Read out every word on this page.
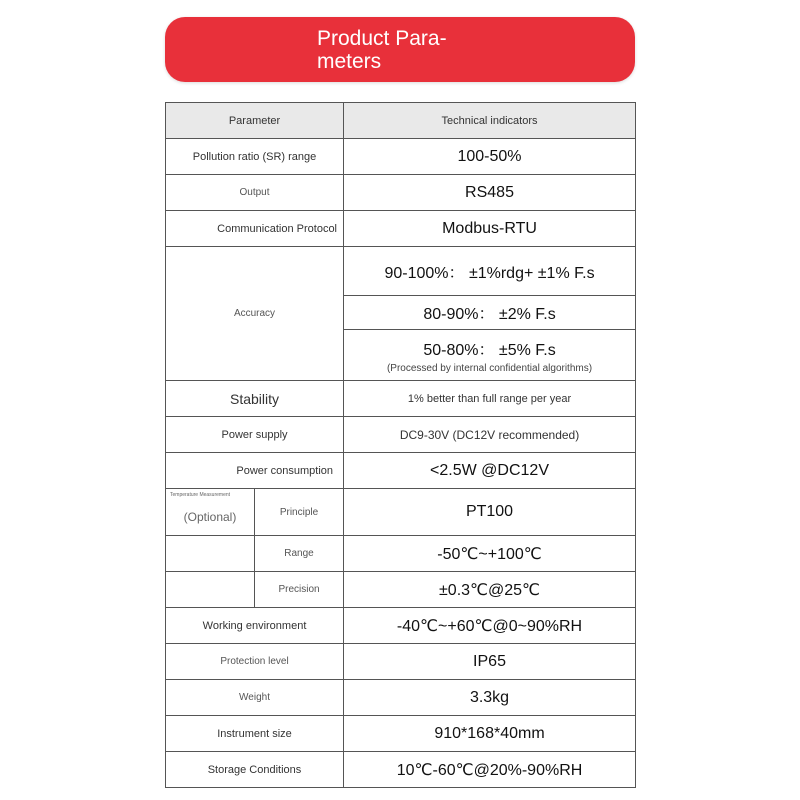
Product Para-
meters
Parameter		Technical indicators
Pollution ratio (SR) range		100-50%
Output		RS485
Communication Protocol		Modbus-RTU
Accuracy		90-100%： ±1%rdg+ ±1% F.s
		80-90%： ±2% F.s
		50-80%： ±5% F.s
(Processed by internal confidential algorithms)

Stability		1% better than full range per year
Power supply		DC9-30V (DC12V recommended)
Power consumption		<2.5W @DC12V

Temperature Measurement
(Optional)	Principle	PT100
	Range	-50℃~+100℃
	Precision	±0.3℃@25℃
Working environment		-40℃~+60℃@0~90%RH
Protection level		IP65
Weight		3.3kg
Instrument size		910*168*40mm
Storage Conditions		10℃-60℃@20%-90%RH
